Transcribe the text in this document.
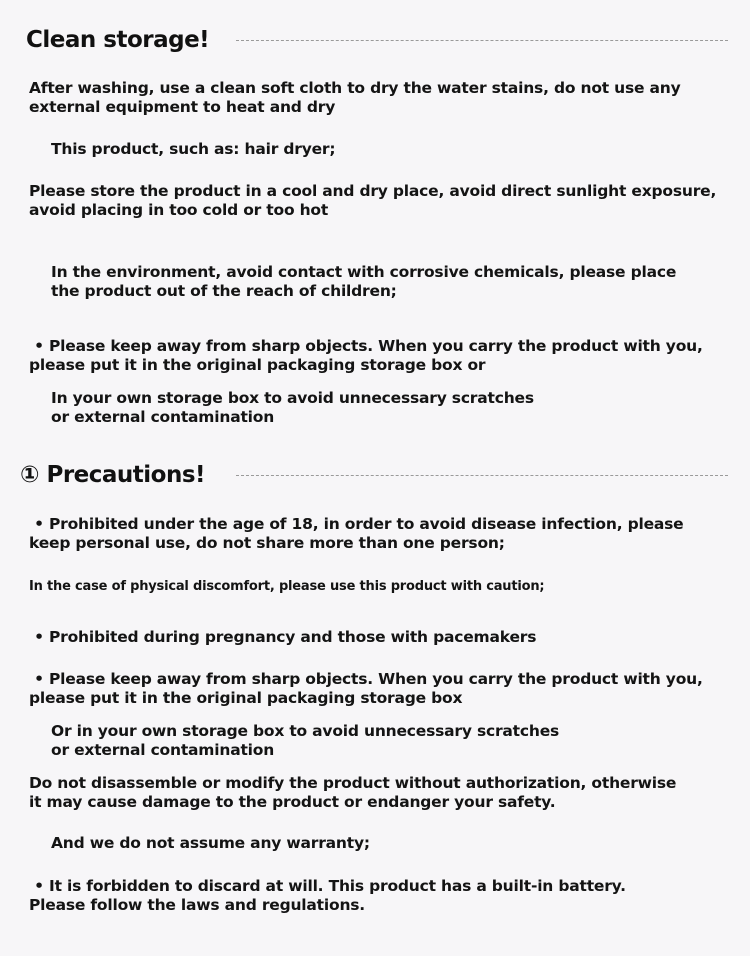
Clean storage!
After washing, use a clean soft cloth to dry the water stains, do not use any external equipment to heat and dry
This product, such as: hair dryer;
Please store the product in a cool and dry place, avoid direct sunlight exposure, avoid placing in too cold or too hot
In the environment, avoid contact with corrosive chemicals, please place the product out of the reach of children;
• Please keep away from sharp objects. When you carry the product with you, please put it in the original packaging storage box or
In your own storage box to avoid unnecessary scratches or external contamination
① Precautions!
• Prohibited under the age of 18, in order to avoid disease infection, please keep personal use, do not share more than one person;
In the case of physical discomfort, please use this product with caution;
• Prohibited during pregnancy and those with pacemakers
• Please keep away from sharp objects. When you carry the product with you, please put it in the original packaging storage box
Or in your own storage box to avoid unnecessary scratches or external contamination
Do not disassemble or modify the product without authorization, otherwise it may cause damage to the product or endanger your safety.
And we do not assume any warranty;
• It is forbidden to discard at will. This product has a built-in battery. Please follow the laws and regulations.
